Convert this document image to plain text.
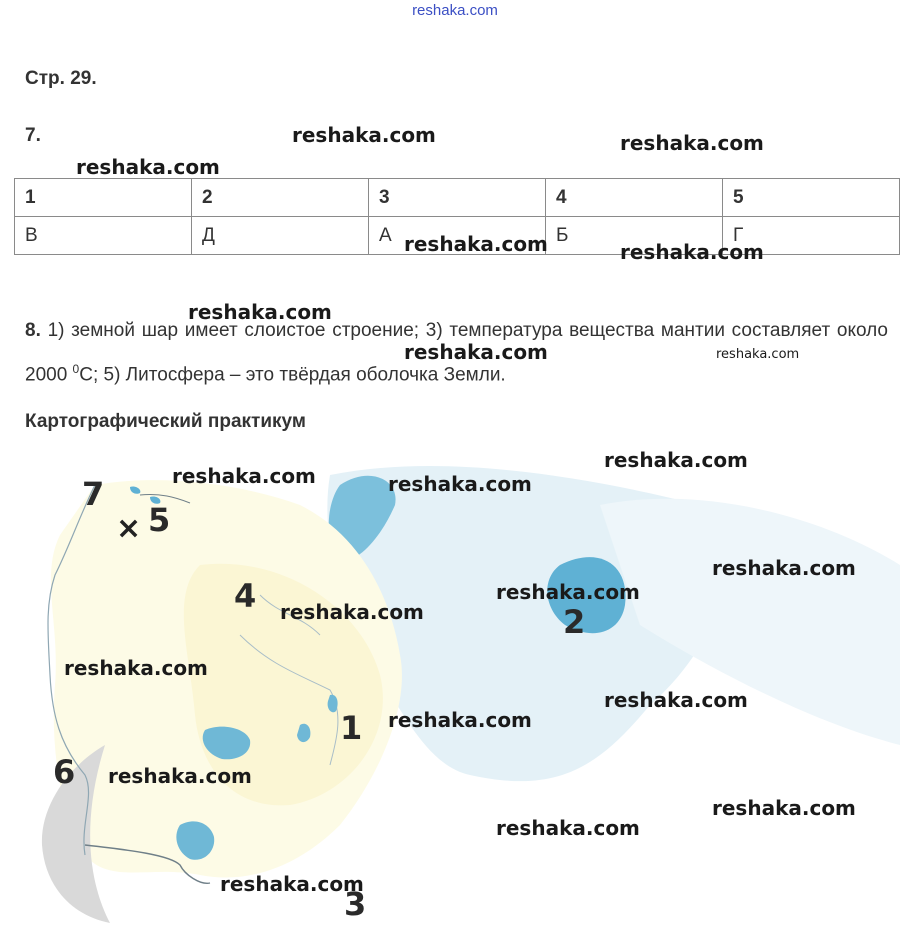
reshaka.com
Стр. 29.
7.
1	2	3	4	5
В	Д	А	Б	Г
8. 1) земной шар имеет слоистое строение; 3) температура вещества мантии составляет около 2000 $^0$С; 5) Литосфера – это твёрдая оболочка Земли.
Картографический практикум
7
× 5
4
2
1
6
3
reshaka.com	reshaka.com
reshaka.com
reshaka.com	reshaka.com
reshaka.com
reshaka.com	reshaka.com
reshaka.com
reshaka.com	reshaka.com
reshaka.com
reshaka.com
reshaka.com
reshaka.com
reshaka.com
reshaka.com
reshaka.com
reshaka.com
reshaka.com
reshaka.com
